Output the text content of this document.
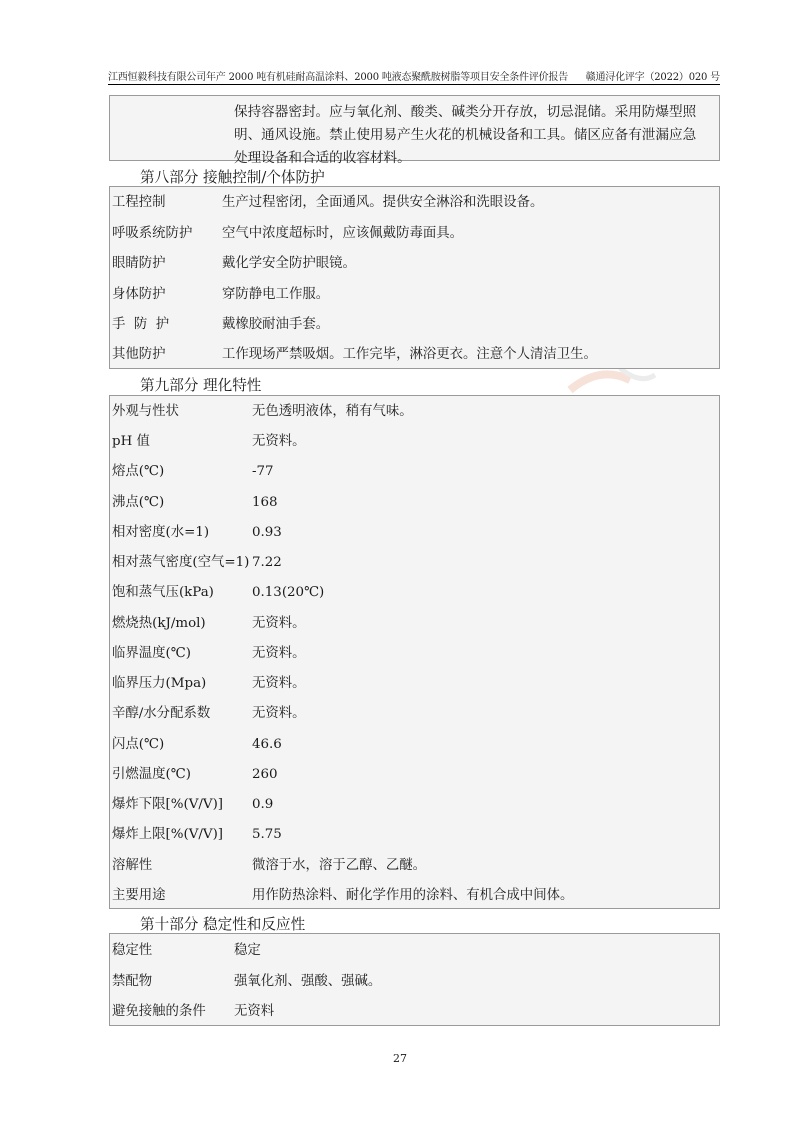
江西恒毅科技有限公司年产 2000 吨有机硅耐高温涂料、2000 吨液态聚酰胺树脂等项目安全条件评价报告 赣通浔化评字（2022）020 号
保持容器密封。应与氧化剂、酸类、碱类分开存放，切忌混储。采用防爆型照
明、通风设施。禁止使用易产生火花的机械设备和工具。储区应备有泄漏应急
处理设备和合适的收容材料。
第八部分 接触控制/个体防护
工程控制	生产过程密闭，全面通风。提供安全淋浴和洗眼设备。
呼吸系统防护 空气中浓度超标时，应该佩戴防毒面具。
眼睛防护	戴化学安全防护眼镜。
身体防护	穿防静电工作服。
手  防  护	戴橡胶耐油手套。
其他防护	工作现场严禁吸烟。工作完毕，淋浴更衣。注意个人清洁卫生。
第九部分 理化特性
外观与性状	无色透明液体，稍有气味。
pH 值	无资料。
熔点(℃)	-77
沸点(℃)	168
相对密度(水=1)	0.93
相对蒸气密度(空气=1) 7.22
饱和蒸气压(kPa)	0.13(20℃)
燃烧热(kJ/mol)	无资料。
临界温度(℃)	无资料。
临界压力(Mpa)	无资料。
辛醇/水分配系数	无资料。
闪点(℃)	46.6
引燃温度(℃)	260
爆炸下限[%(V/V)] 0.9
爆炸上限[%(V/V)] 5.75
溶解性	微溶于水，溶于乙醇、乙醚。
主要用途	用作防热涂料、耐化学作用的涂料、有机合成中间体。
第十部分 稳定性和反应性
稳定性	稳定
禁配物	强氧化剂、强酸、强碱。
避免接触的条件 无资料
27
